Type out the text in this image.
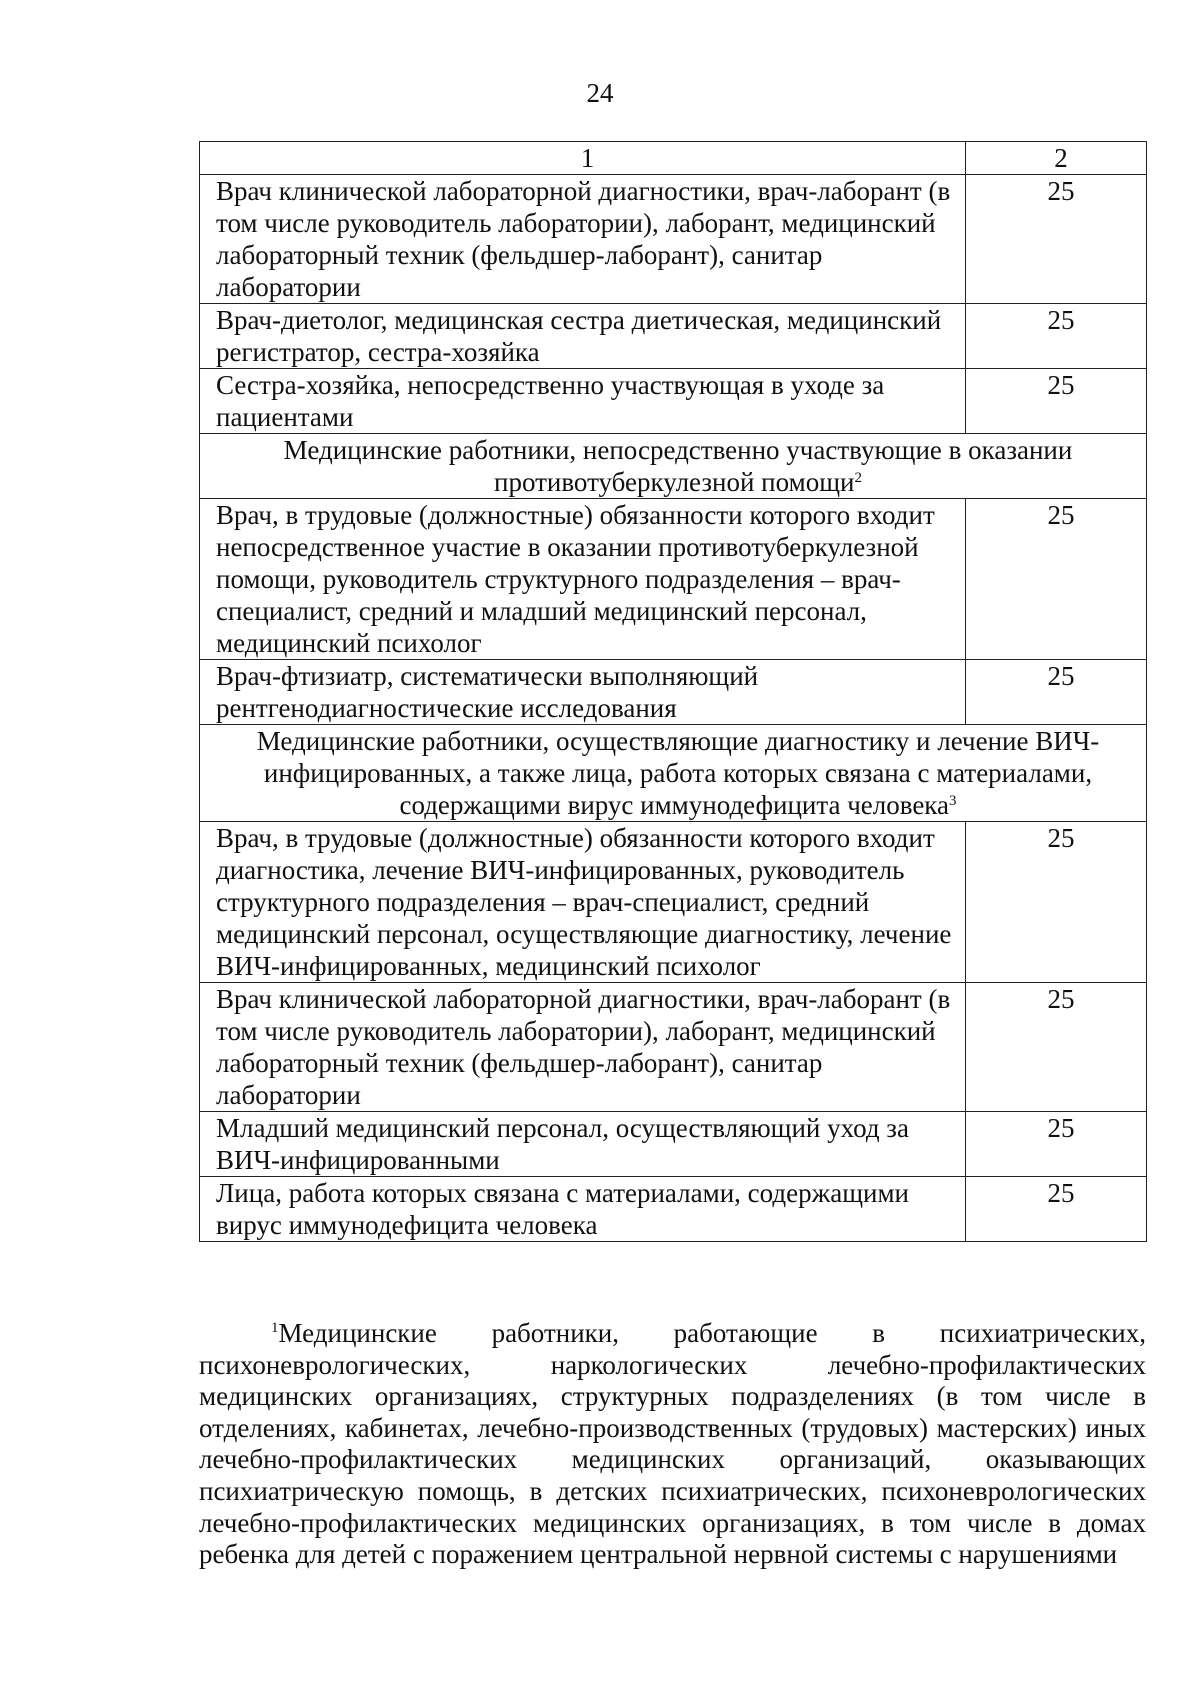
24
1	2
Врач клинической лабораторной диагностики, врач-лаборант (в том числе руководитель лаборатории), лаборант, медицинский лабораторный техник (фельдшер-лаборант), санитар лаборатории	25
Врач-диетолог, медицинская сестра диетическая, медицинский регистратор, сестра-хозяйка	25
Сестра-хозяйка, непосредственно участвующая в уходе за пациентами	25
Медицинские работники, непосредственно участвующие в оказании противотуберкулезной помощи$^2$
Врач, в трудовые (должностные) обязанности которого входит непосредственное участие в оказании противотуберкулезной помощи, руководитель структурного подразделения – врач-специалист, средний и младший медицинский персонал, медицинский психолог	25
Врач-фтизиатр, систематически выполняющий рентгенодиагностические исследования	25
Медицинские работники, осуществляющие диагностику и лечение ВИЧ-инфицированных, а также лица, работа которых связана с материалами, содержащими вирус иммунодефицита человека$^3$
Врач, в трудовые (должностные) обязанности которого входит диагностика, лечение ВИЧ-инфицированных, руководитель структурного подразделения – врач-специалист, средний медицинский персонал, осуществляющие диагностику, лечение ВИЧ-инфицированных, медицинский психолог	25
Врач клинической лабораторной диагностики, врач-лаборант (в том числе руководитель лаборатории), лаборант, медицинский лабораторный техник (фельдшер-лаборант), санитар лаборатории	25
Младший медицинский персонал, осуществляющий уход за ВИЧ-инфицированными	25
Лица, работа которых связана с материалами, содержащими вирус иммунодефицита человека	25
$^1$Медицинские работники, работающие в психиатрических, психоневрологических, наркологических лечебно-профилактических медицинских организациях, структурных подразделениях (в том числе в отделениях, кабинетах, лечебно-производственных (трудовых) мастерских) иных лечебно-профилактических медицинских организаций, оказывающих психиатрическую помощь, в детских психиатрических, психоневрологических лечебно-профилактических медицинских организациях, в том числе в домах ребенка для детей с поражением центральной нервной системы с нарушениями
